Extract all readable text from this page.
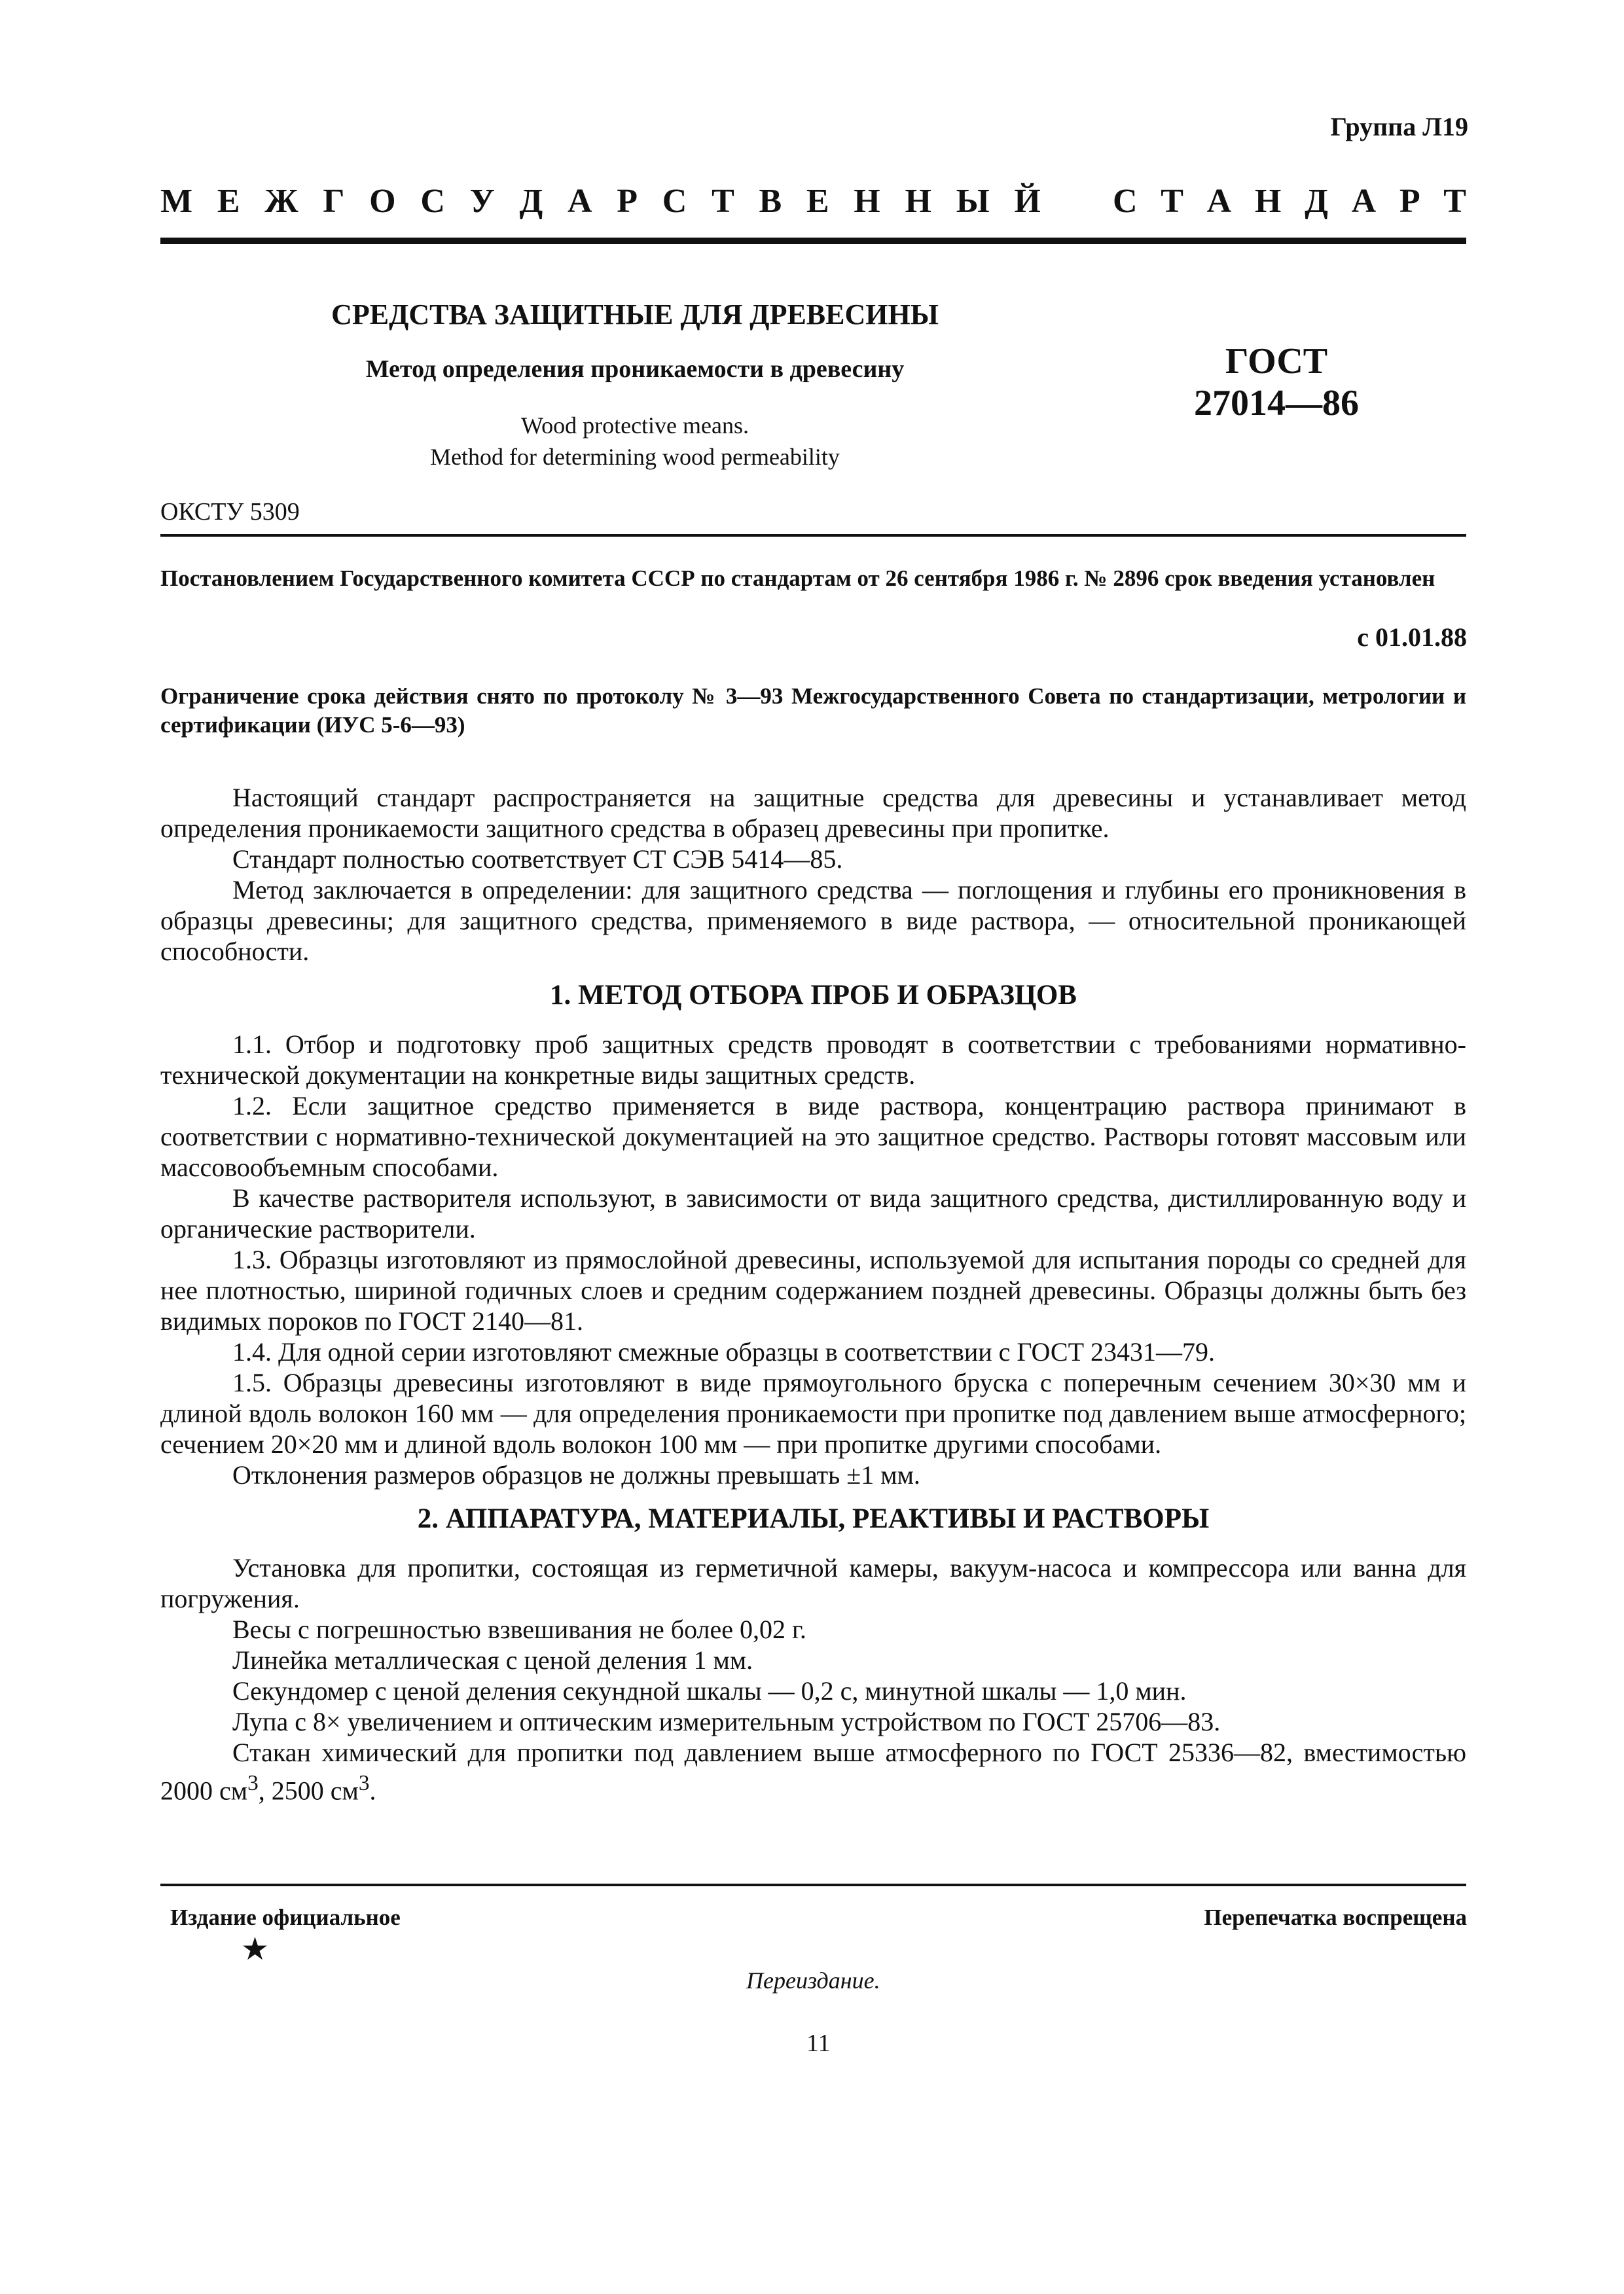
Группа Л19
М Е Ж Г О С У Д А Р С Т В Е Н Н Ы Й С Т А Н Д А Р Т
СРЕДСТВА ЗАЩИТНЫЕ ДЛЯ ДРЕВЕСИНЫ
Метод определения проникаемости в древесину
Wood protective means.
Method for determining wood permeability
ГОСТ
27014—86
ОКСТУ 5309
Постановлением Государственного комитета СССР по стандартам от 26 сентября 1986 г. № 2896 срок введения установлен
с 01.01.88
Ограничение срока действия снято по протоколу № 3—93 Межгосударственного Совета по стандартизации, метрологии и сертификации (ИУС 5-6—93)

Настоящий стандарт распространяется на защитные средства для древесины и устанавливает метод определения проникаемости защитного средства в образец древесины при пропитке.

Стандарт полностью соответствует СТ СЭВ 5414—85.

Метод заключается в определении: для защитного средства — поглощения и глубины его проникновения в образцы древесины; для защитного средства, применяемого в виде раствора, — относительной проникающей способности.

1. МЕТОД ОТБОРА ПРОБ И ОБРАЗЦОВ

1.1. Отбор и подготовку проб защитных средств проводят в соответствии с требованиями нормативно-технической документации на конкретные виды защитных средств.

1.2. Если защитное средство применяется в виде раствора, концентрацию раствора принимают в соответствии с нормативно-технической документацией на это защитное средство. Растворы готовят массовым или массовообъемным способами.

В качестве растворителя используют, в зависимости от вида защитного средства, дистиллированную воду и органические растворители.

1.3. Образцы изготовляют из прямослойной древесины, используемой для испытания породы со средней для нее плотностью, шириной годичных слоев и средним содержанием поздней древесины. Образцы должны быть без видимых пороков по ГОСТ 2140—81.

1.4. Для одной серии изготовляют смежные образцы в соответствии с ГОСТ 23431—79.

1.5. Образцы древесины изготовляют в виде прямоугольного бруска с поперечным сечением 30×30 мм и длиной вдоль волокон 160 мм — для определения проникаемости при пропитке под давлением выше атмосферного; сечением 20×20 мм и длиной вдоль волокон 100 мм — при пропитке другими способами.

Отклонения размеров образцов не должны превышать ±1 мм.

2. АППАРАТУРА, МАТЕРИАЛЫ, РЕАКТИВЫ И РАСТВОРЫ

Установка для пропитки, состоящая из герметичной камеры, вакуум-насоса и компрессора или ванна для погружения.

Весы с погрешностью взвешивания не более 0,02 г.

Линейка металлическая с ценой деления 1 мм.

Секундомер с ценой деления секундной шкалы — 0,2 с, минутной шкалы — 1,0 мин.

Лупа с 8× увеличением и оптическим измерительным устройством по ГОСТ 25706—83.

Стакан химический для пропитки под давлением выше атмосферного по ГОСТ 25336—82, вместимостью 2000 $см^3$, 2500 $см^3$.

Издание официальное	Перепечатка воспрещена
★
Переиздание.
11
